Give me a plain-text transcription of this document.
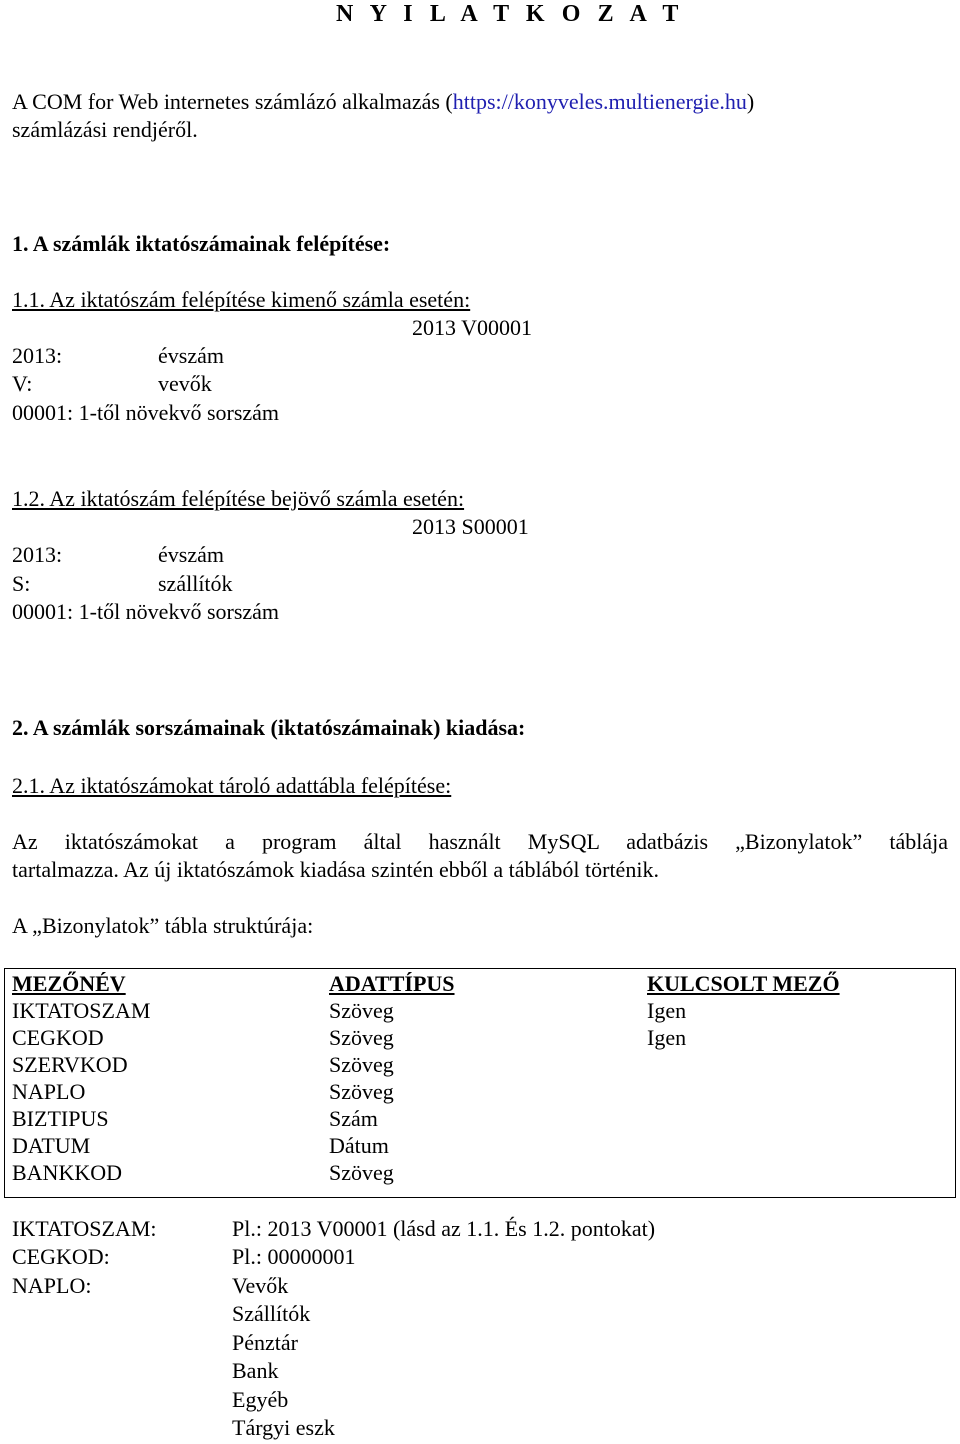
N Y I L A T K O Z A T
A COM for Web internetes számlázó alkalmazás (https://konyveles.multienergie.hu)
számlázási rendjéről.
1. A számlák iktatószámainak felépítése:
1.1. Az iktatószám felépítése kimenő számla esetén:
2013 V00001
2013:	évszám
V:	vevők
00001: 1-től növekvő sorszám
1.2. Az iktatószám felépítése bejövő számla esetén:
2013 S00001
2013:	évszám
S:	szállítók
00001: 1-től növekvő sorszám
2. A számlák sorszámainak (iktatószámainak) kiadása:
2.1. Az iktatószámokat tároló adattábla felépítése:
Az iktatószámokat a program által használt MySQL adatbázis „Bizonylatok” táblája
tartalmazza. Az új iktatószámok kiadása szintén ebből a táblából történik.
A „Bizonylatok” tábla struktúrája:
MEZŐNÉV	ADATTÍPUS	KULCSOLT MEZŐ
IKTATOSZAM	Szöveg	Igen
CEGKOD	Szöveg	Igen
SZERVKOD	Szöveg	
NAPLO	Szöveg	
BIZTIPUS	Szám	
DATUM	Dátum	
BANKKOD	Szöveg	
IKTATOSZAM:	Pl.: 2013 V00001 (lásd az 1.1. És 1.2. pontokat)
CEGKOD:	Pl.: 00000001
NAPLO:	Vevők
Szállítók
Pénztár
Bank
Egyéb
Tárgyi eszk
